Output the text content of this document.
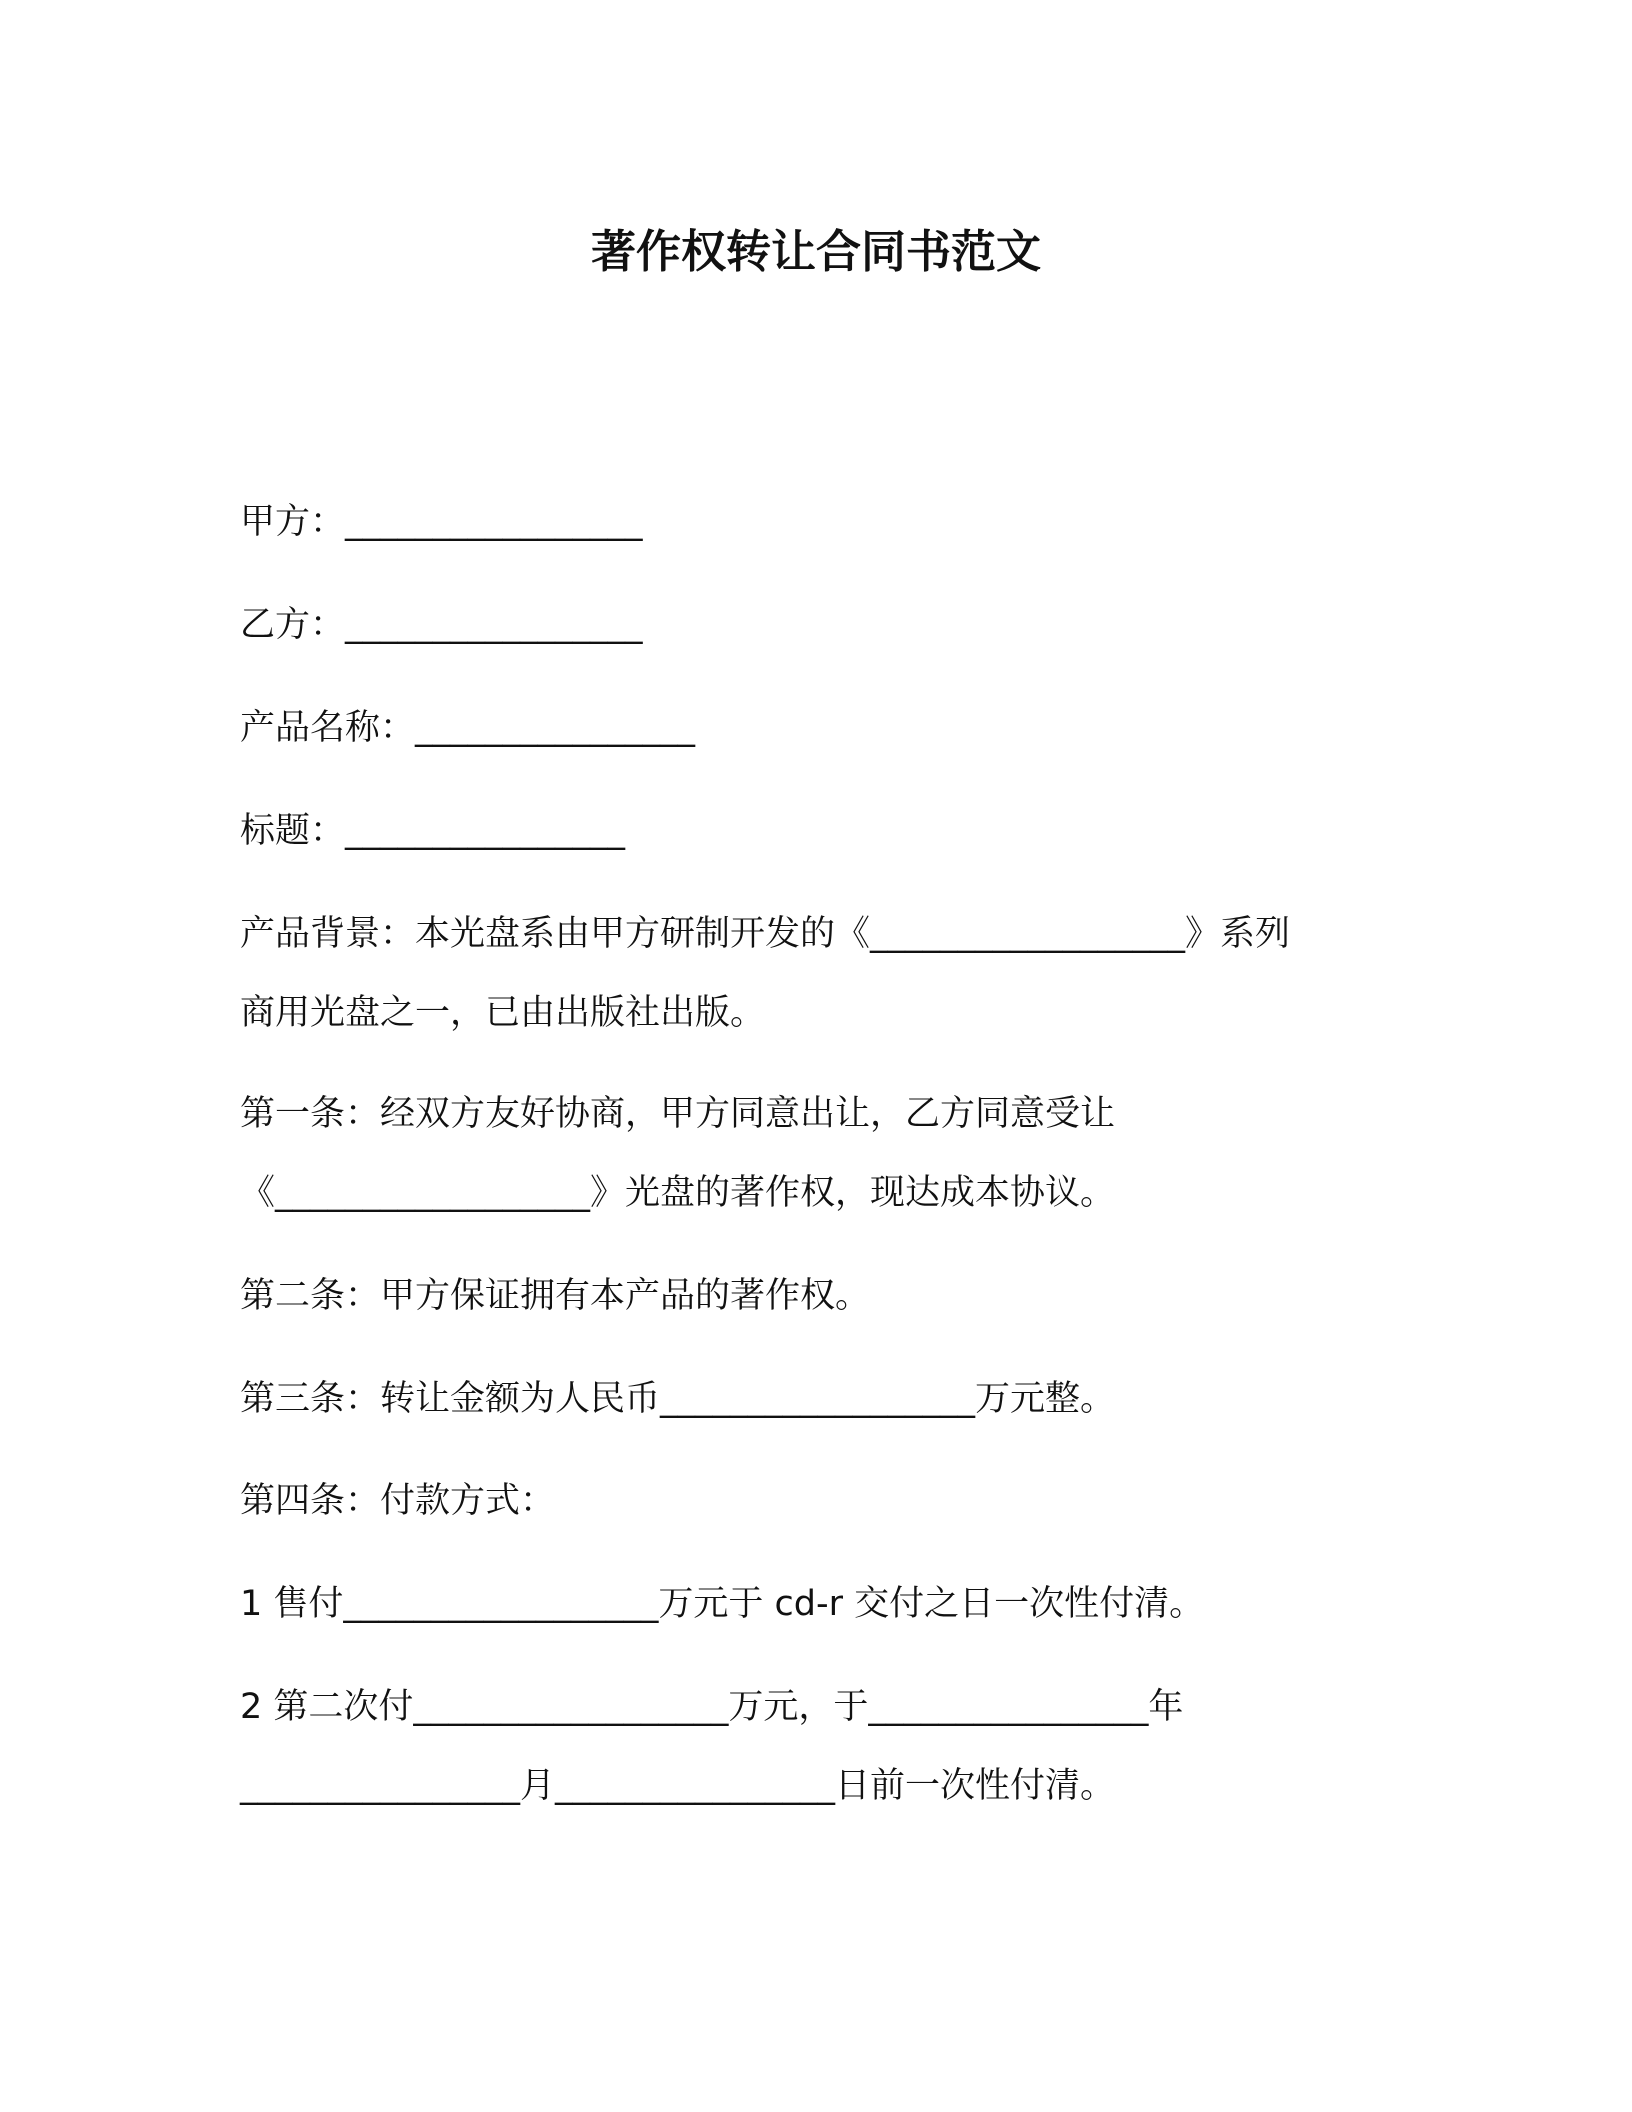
著作权转让合同书范文
甲方：_________________
乙方：_________________
产品名称：________________
标题：________________
产品背景：本光盘系由甲方研制开发的《__________________》系列
商用光盘之一，已由出版社出版。
第一条：经双方友好协商，甲方同意出让，乙方同意受让
《__________________》光盘的著作权，现达成本协议。
第二条：甲方保证拥有本产品的著作权。
第三条：转让金额为人民币__________________万元整。
第四条：付款方式：
1 售付__________________万元于 cd-r 交付之日一次性付清。
2 第二次付__________________万元，于________________年
________________月________________日前一次性付清。
